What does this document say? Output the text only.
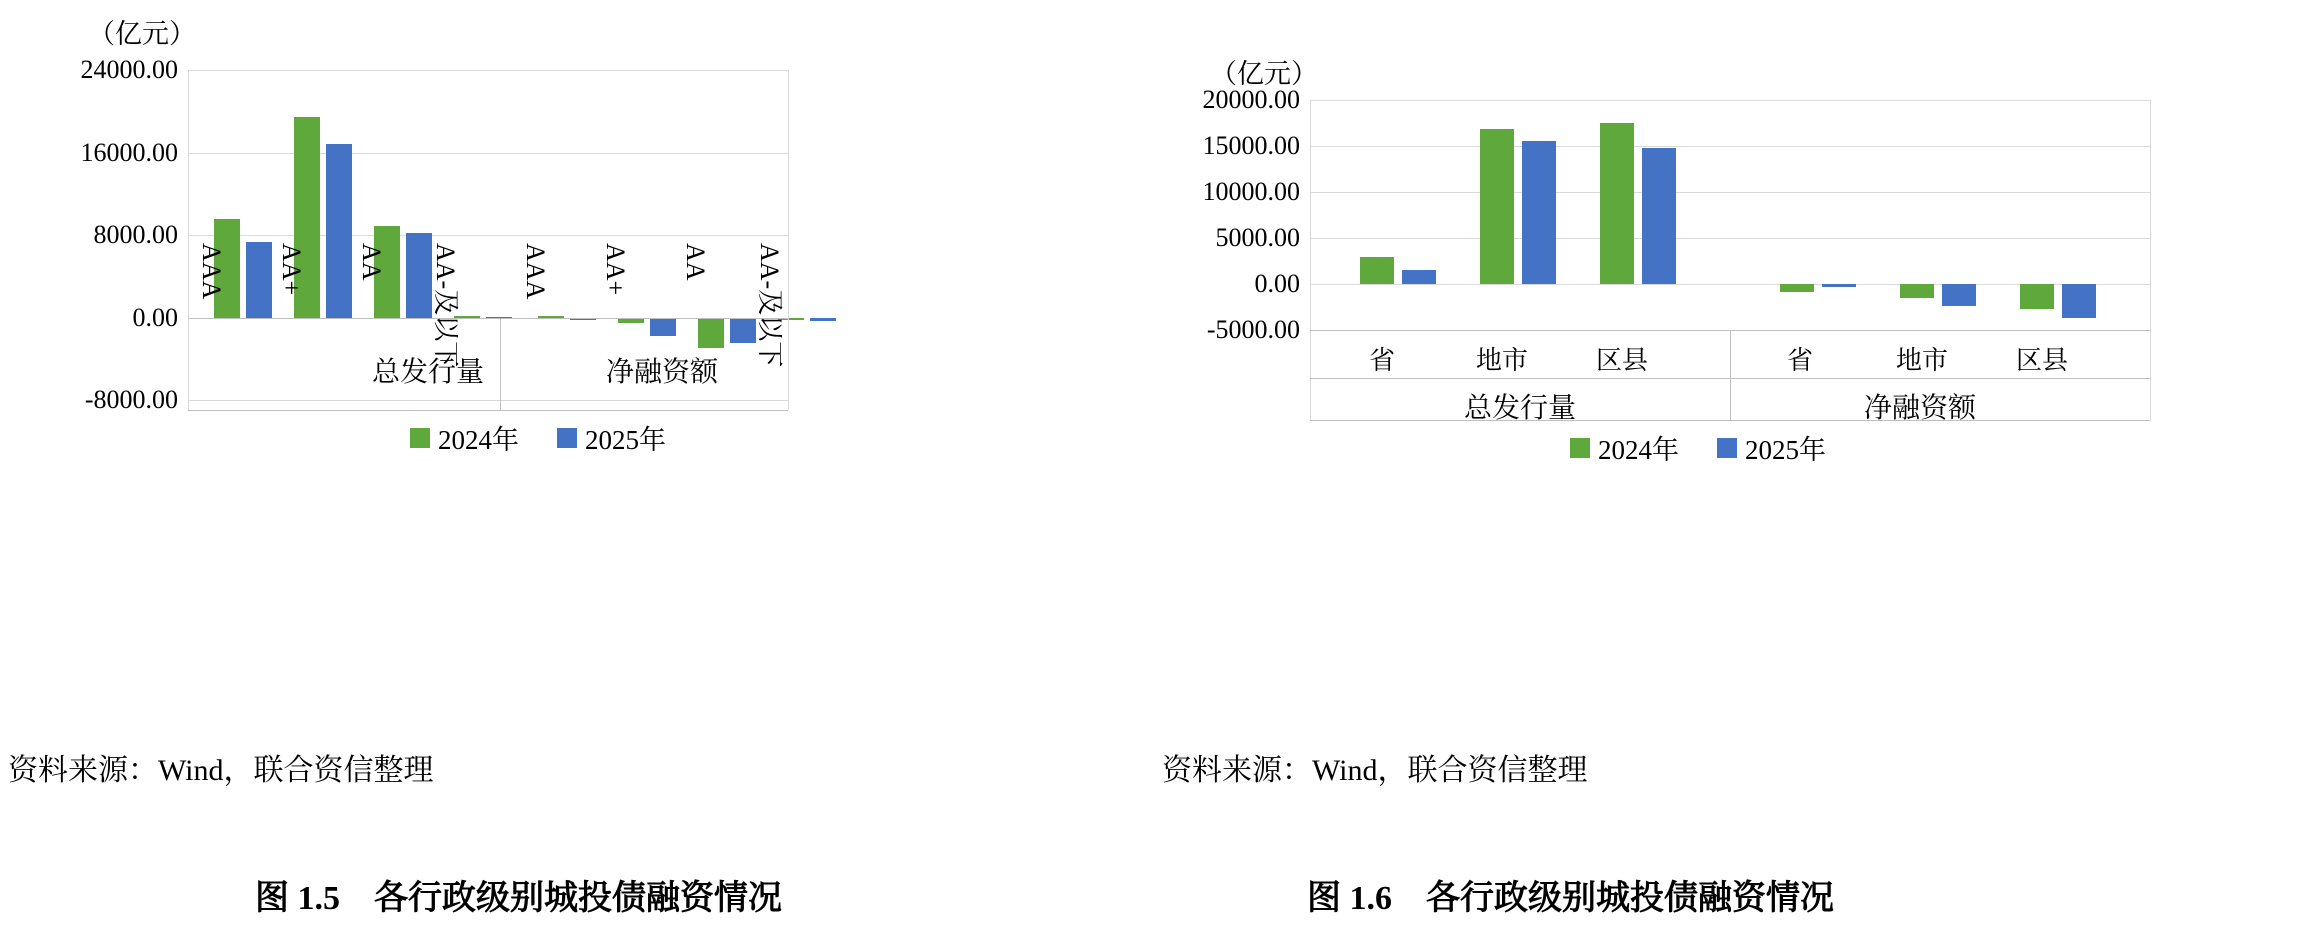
（亿元）
24000.00
16000.00
8000.00
0.00
-8000.00
AAA	AA+	AA	AA-及以下	AAA	AA+	AA	AA-及以下
总发行量	净融资额
2024年 2025年
资料来源：Wind，联合资信整理
图 1.5　各行政级别城投债融资情况
（亿元）
20000.00
15000.00
10000.00
5000.00
0.00
-5000.00
省	地市	区县	省	地市	区县
总发行量	净融资额
2024年 2025年
资料来源：Wind，联合资信整理
图 1.6　各行政级别城投债融资情况
